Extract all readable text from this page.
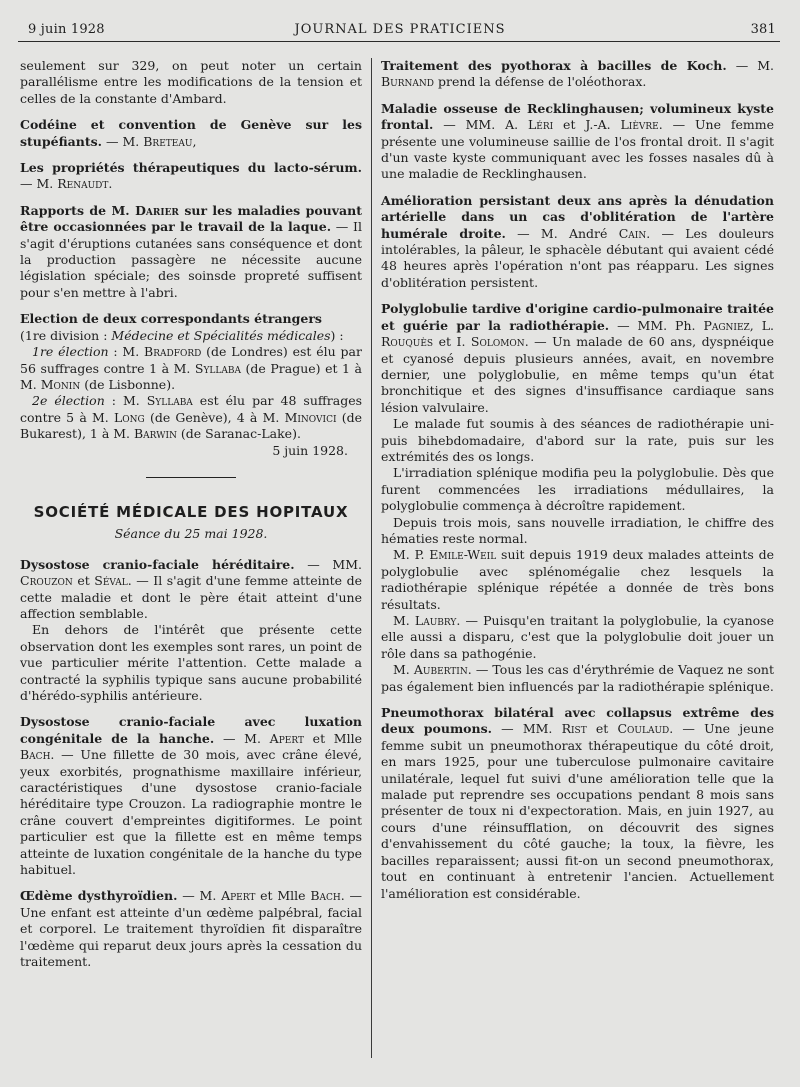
9 juin 1928	JOURNAL DES PRATICIENS	381

seulement sur 329, on peut noter un certain parallélisme entre les modifications de la tension et celles de la constante d'Ambard.

Codéine et convention de Genève sur les stupéfiants. — M. Breteau,

Les propriétés thérapeutiques du lacto-sérum. — M. Renaudt.

Rapports de M. Darier sur les maladies pouvant être occasionnées par le travail de la laque. — Il s'agit d'éruptions cutanées sans conséquence et dont la production passagère ne nécessite aucune législation spéciale; des soinsde propreté suffisent pour s'en mettre à l'abri.

Election de deux correspondants étrangers
(1re division : Médecine et Spécialités médicales) :

1re élection : M. Bradford (de Londres) est élu par 56 suffrages contre 1 à M. Syllaba (de Prague) et 1 à M. Monin (de Lisbonne).

2e élection : M. Syllaba est élu par 48 suffrages contre 5 à M. Long (de Genève), 4 à M. Minovici (de Bukarest), 1 à M. Barwin (de Saranac-Lake).

5 juin 1928.

SOCIÉTÉ MÉDICALE DES HOPITAUX
Séance du 25 mai 1928.

Dysostose cranio-faciale héréditaire. — MM. Crouzon et Séval. — Il s'agit d'une femme atteinte de cette maladie et dont le père était atteint d'une affection semblable.

En dehors de l'intérêt que présente cette observation dont les exemples sont rares, un point de vue particulier mérite l'attention. Cette malade a contracté la syphilis typique sans aucune probabilité d'hérédo-syphilis antérieure.

Dysostose cranio-faciale avec luxation congénitale de la hanche. — M. Apert et Mlle Bach. — Une fillette de 30 mois, avec crâne élevé, yeux exorbités, prognathisme maxillaire inférieur, caractéristiques d'une dysostose cranio-faciale héréditaire type Crouzon. La radiographie montre le crâne couvert d'empreintes digitiformes. Le point particulier est que la fillette est en même temps atteinte de luxation congénitale de la hanche du type habituel.

Œdème dysthyroïdien. — M. Apert et Mlle Bach. — Une enfant est atteinte d'un œdème palpébral, facial et corporel. Le traitement thyroïdien fit disparaître l'œdème qui reparut deux jours après la cessation du traitement.

Traitement des pyothorax à bacilles de Koch. — M. Burnand prend la défense de l'oléothorax.

Maladie osseuse de Recklinghausen; volumineux kyste frontal. — MM. A. Léri et J.-A. Lièvre. — Une femme présente une volumineuse saillie de l'os frontal droit. Il s'agit d'un vaste kyste communiquant avec les fosses nasales dû à une maladie de Recklinghausen.

Amélioration persistant deux ans après la dénudation artérielle dans un cas d'oblitération de l'artère humérale droite. — M. André Cain. — Les douleurs intolérables, la pâleur, le sphacèle débutant qui avaient cédé 48 heures après l'opération n'ont pas réapparu. Les signes d'oblitération persistent.

Polyglobulie tardive d'origine cardio-pulmonaire traitée et guérie par la radiothérapie. — MM. Ph. Pagniez, L. Rouquès et I. Solomon. — Un malade de 60 ans, dyspnéique et cyanosé depuis plusieurs années, avait, en novembre dernier, une polyglobulie, en même temps qu'un état bronchitique et des signes d'insuffisance cardiaque sans lésion valvulaire.

Le malade fut soumis à des séances de radiothérapie uni- puis bihebdomadaire, d'abord sur la rate, puis sur les extrémités des os longs.

L'irradiation splénique modifia peu la polyglobulie. Dès que furent commencées les irradiations médullaires, la polyglobulie commença à décroître rapidement.

Depuis trois mois, sans nouvelle irradiation, le chiffre des hématies reste normal.

M. P. Emile-Weil suit depuis 1919 deux malades atteints de polyglobulie avec splénomégalie chez lesquels la radiothérapie splénique répétée a donnée de très bons résultats.

M. Laubry. — Puisqu'en traitant la polyglobulie, la cyanose elle aussi a disparu, c'est que la polyglobulie doit jouer un rôle dans sa pathogénie.

M. Aubertin. — Tous les cas d'érythrémie de Vaquez ne sont pas également bien influencés par la radiothérapie splénique.

Pneumothorax bilatéral avec collapsus extrême des deux poumons. — MM. Rist et Coulaud. — Une jeune femme subit un pneumothorax thérapeutique du côté droit, en mars 1925, pour une tuberculose pulmonaire cavitaire unilatérale, lequel fut suivi d'une amélioration telle que la malade put reprendre ses occupations pendant 8 mois sans présenter de toux ni d'expectoration. Mais, en juin 1927, au cours d'une réinsufflation, on découvrit des signes d'envahissement du côté gauche; la toux, la fièvre, les bacilles reparaissent; aussi fit-on un second pneumothorax, tout en continuant à entretenir l'ancien. Actuellement l'amélioration est considérable.
